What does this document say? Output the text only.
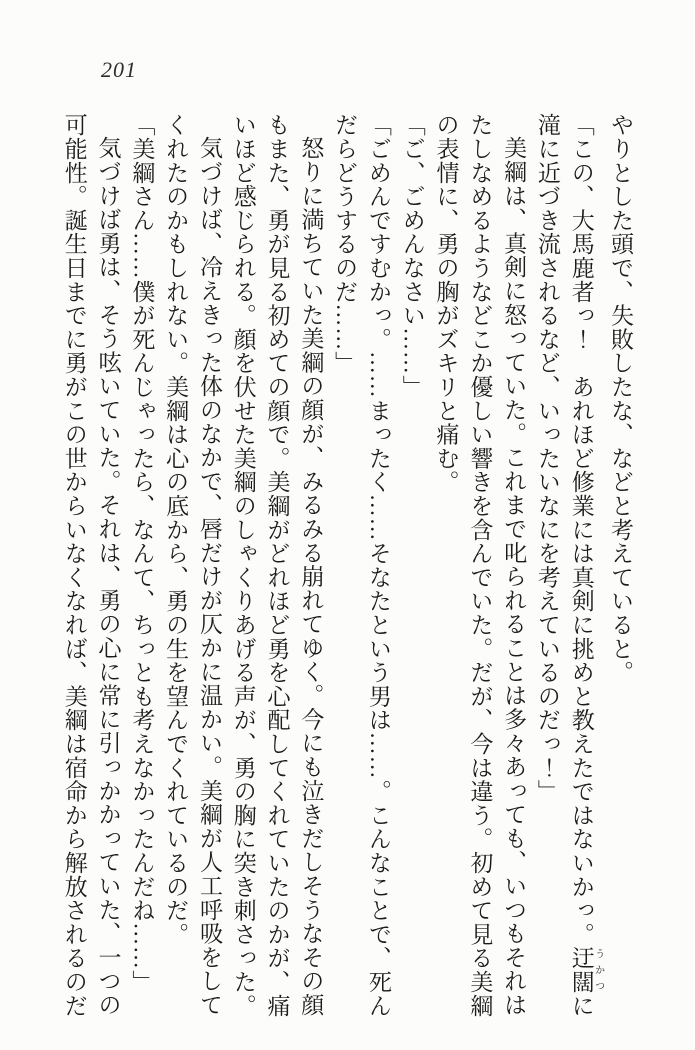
201

やりとした頭で、失敗したな、などと考えていると。

「この、大馬鹿者っ！　あれほど修業には真剣に挑めと教えたではないかっ。迂闊 うかつに

滝に近づき流されるなど、いったいなにを考えているのだっ！」

美綱は、真剣に怒っていた。これまで叱られることは多々あっても、いつもそれは

たしなめるようなどこか優しい響きを含んでいた。だが、今は違う。初めて見る美綱

の表情に、勇の胸がズキリと痛む。

「ご、ごめんなさい……」

「ごめんですむかっ。……まったく……そなたという男は……。こんなことで、死ん

だらどうするのだ……」

怒りに満ちていた美綱の顔が、みるみる崩れてゆく。今にも泣きだしそうなその顔

もまた、勇が見る初めての顔で。美綱がどれほど勇を心配してくれていたのかが、痛

いほど感じられる。顔を伏せた美綱のしゃくりあげる声が、勇の胸に突き刺さった。

気づけば、冷えきった体のなかで、唇だけが仄かに温かい。美綱が人工呼吸をして

くれたのかもしれない。美綱は心の底から、勇の生を望んでくれているのだ。

「美綱さん……僕が死んじゃったら、なんて、ちっとも考えなかったんだね……」

気づけば勇は、そう呟いていた。それは、勇の心に常に引っかかっていた、一つの

可能性。誕生日までに勇がこの世からいなくなれば、美綱は宿命から解放されるのだ
